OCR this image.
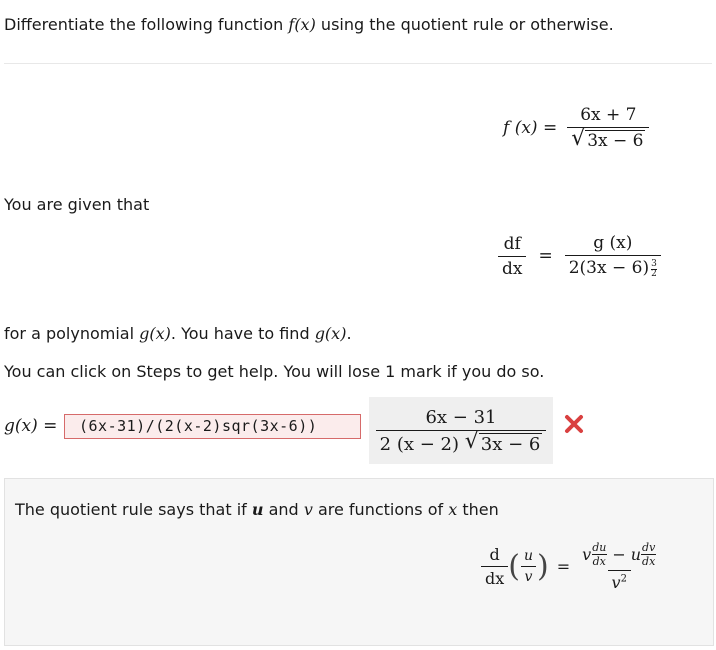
Differentiate the following function f(x) using the quotient rule or otherwise.
f $(x) = \frac{6x + 7}{√ 3x - 6}$
You are given that
$\frac{df}{dx} = \frac{g (x)}{2(3x - 6) \frac{3}{2}}$
for a polynomial g(x). You have to find g(x).
You can click on Steps to get help. You will lose 1 mark if you do so.
g(x) =	(6x-31)/(2(x-2)sqr(3x-6))	$\frac{6x - 31}{2 (x - 2) √ 3x - 6}$
The quotient rule says that if u and v are functions of x then
$\frac{d}{dx}$ ( $\frac{u}{v}$ ) = $\frac{v \frac{du}{dx} - u \frac{dv}{dx}}{v^2}$
